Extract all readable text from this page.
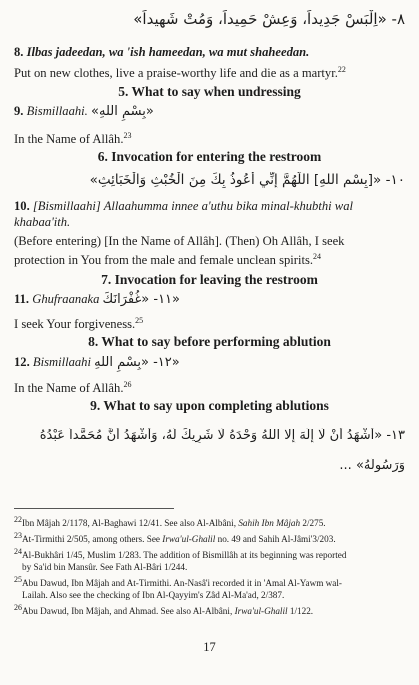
٨- «اِلْبَسْ جَدِيداً، وَعِشْ حَمِيداً، وَمُتْ شَهِيداً»
8. Ilbas jadeedan, wa 'ish hameedan, wa mut shaheedan.
Put on new clothes, live a praise-worthy life and die as a martyr.$^{22}$
5. What to say when undressing
9. Bismillaahi. «بِسْمِ اللهِ»
In the Name of Allâh.$^{23}$
6. Invocation for entering the restroom
١٠- «[بِسْمِ اللهِ] اللَّهُمَّ إِنِّي أَعُوذُ بِكَ مِنَ الْخُبْثِ وَالْخَبَائِثِ»
10. [Bismillaahi] Allaahumma innee a'uthu bika minal-khubthi wal
khabaa'ith.
(Before entering) [In the Name of Allâh]. (Then) Oh Allâh, I seek
protection in You from the male and female unclean spirits.$^{24}$
7. Invocation for leaving the restroom
11. Ghufraanaka ١١- «غُفْرَانَكَ»
I seek Your forgiveness.$^{25}$
8. What to say before performing ablution
12. Bismillaahi ١٢- «بِسْمِ اللهِ»
In the Name of Allâh.$^{26}$
9. What to say upon completing ablutions
١٣- «أَشْهَدُ أَنْ لَا إِلَهَ إِلَّا اللهُ وَحْدَهُ لَا شَرِيكَ لَهُ، وَأَشْهَدُ أَنَّ مُحَمَّداً عَبْدُهُ
وَرَسُولُهُ» ...
$^{22}$Ibn Mâjah 2/1178, Al-Baghawi 12/41. See also Al-Albâni, Sahih Ibn Mâjah 2/275.
$^{23}$At-Tirmithi 2/505, among others. See Irwa'ul-Ghalil no. 49 and Sahih Al-Jâmi'3/203.
$^{24}$Al-Bukhâri 1/45, Muslim 1/283. The addition of Bismillâh at its beginning was reported
by Sa'id bin Mansûr. See Fath Al-Bâri 1/244.
$^{25}$Abu Dawud, Ibn Mâjah and At-Tirmithi. An-Nasâ'i recorded it in 'Amal Al-Yawm wal-
Lailah. Also see the checking of Ibn Al-Qayyim's Zâd Al-Ma'ad, 2/387.
$^{26}$Abu Dawud, Ibn Mâjah, and Ahmad. See also Al-Albâni, Irwa'ul-Ghalil 1/122.
17
